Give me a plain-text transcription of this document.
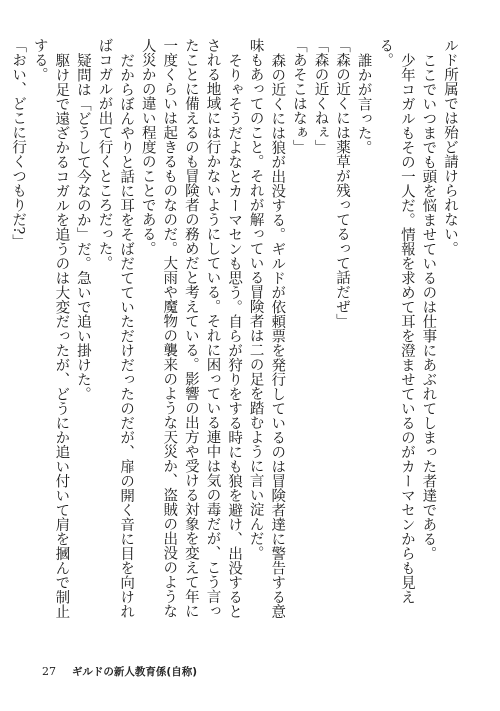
ルド所属では殆ど請けられない。

ここでいつまでも頭を悩ませているのは仕事にあぶれてしまった者達である。

少年コガルもその一人だ。情報を求めて耳を澄ませているのがカーマセンからも見える。

誰かが言った。

「森の近くには薬草が残ってるって話だぜ」

「森の近くねぇ」

「あそこはなぁ」

森の近くには狼が出没する。ギルドが依頼票を発行しているのは冒険者達に警告する意味もあってのこと。それが解っている冒険者は二の足を踏むように言い淀んだ。

そりゃそうだよなとカーマセンも思う。自らが狩りをする時にも狼を避け、出没するとされる地域には行かないようにしている。それに困っている連中は気の毒だが、こう言ったことに備えるのも冒険者の務めだと考えている。影響の出方や受ける対象を変えて年に一度くらいは起きるものなのだ。大雨や魔物の襲来のような天災か、盗賊の出没のような人災かの違い程度のことである。

だからぼんやりと話に耳をそばだてていただけだったのだが、扉の開く音に目を向ければコガルが出て行くところだった。

疑問は「どうして今なのか」だ。急いで追い掛けた。

駆け足で遠ざかるコガルを追うのは大変だったが、どうにか追い付いて肩を摑んで制止する。

「おい、どこに行くつもりだ?」

27 ギルドの新人教育係(自称)
